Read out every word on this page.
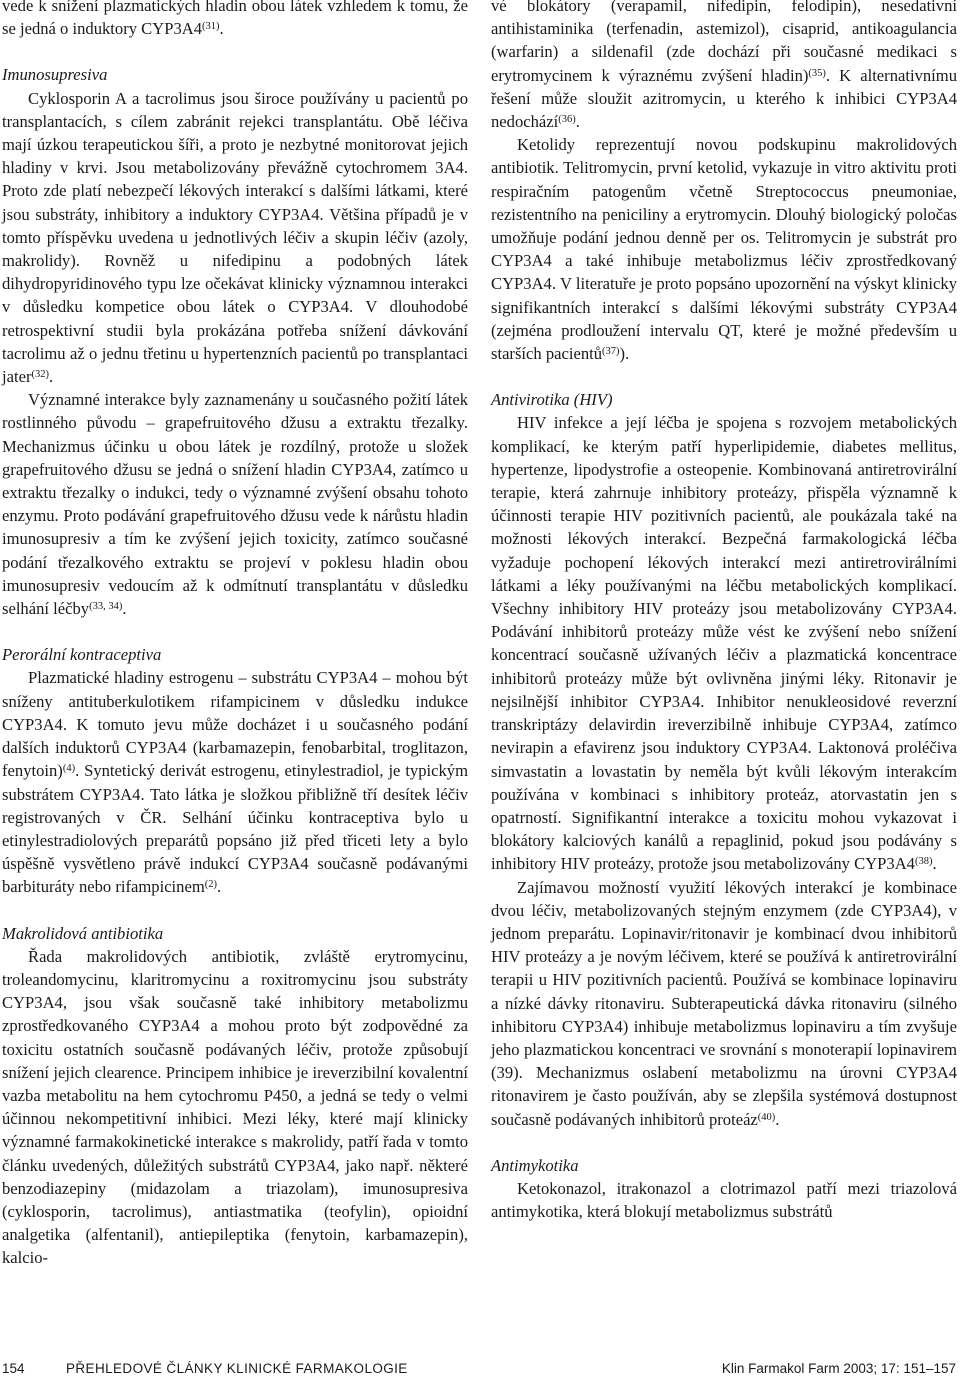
vede k snížení plazmatických hladin obou látek vzhledem k tomu, že se jedná o induktory CYP3A4$^{(31)}$.

Imunosupresiva

Cyklosporin A a tacrolimus jsou široce používány u pacientů po transplantacích, s cílem zabránit rejekci transplantátu. Obě léčiva mají úzkou terapeutickou šíři, a proto je nezbytné monitorovat jejich hladiny v krvi. Jsou metabolizovány převážně cytochromem 3A4. Proto zde platí nebezpečí lékových interakcí s dalšími látkami, které jsou substráty, inhibitory a induktory CYP3A4. Většina případů je v tomto příspěvku uvedena u jednotlivých léčiv a skupin léčiv (azoly, makrolidy). Rovněž u nifedipinu a podobných látek dihydropyridinového typu lze očekávat klinicky významnou interakci v důsledku kompetice obou látek o CYP3A4. V dlouhodobé retrospektivní studii byla prokázána potřeba snížení dávkování tacrolimu až o jednu třetinu u hypertenzních pacientů po transplantaci jater$^{(32)}$.

Významné interakce byly zaznamenány u současného požití látek rostlinného původu – grapefruitového džusu a extraktu třezalky. Mechanizmus účinku u obou látek je rozdílný, protože u složek grapefruitového džusu se jedná o snížení hladin CYP3A4, zatímco u extraktu třezalky o indukci, tedy o významné zvýšení obsahu tohoto enzymu. Proto podávání grapefruitového džusu vede k nárůstu hladin imunosupresiv a tím ke zvýšení jejich toxicity, zatímco současné podání třezalkového extraktu se projeví v poklesu hladin obou imunosupresiv vedoucím až k odmítnutí transplantátu v důsledku selhání léčby$^{(33, 34)}$.

Perorální kontraceptiva

Plazmatické hladiny estrogenu – substrátu CYP3A4 – mohou být sníženy antituberkulotikem rifampicinem v důsledku indukce CYP3A4. K tomuto jevu může docházet i u současného podání dalších induktorů CYP3A4 (karbamazepin, fenobarbital, troglitazon, fenytoin)$^{(4)}$. Syntetický derivát estrogenu, etinylestradiol, je typickým substrátem CYP3A4. Tato látka je složkou přibližně tří desítek léčiv registrovaných v ČR. Selhání účinku kontraceptiva bylo u etinylestradiolových preparátů popsáno již před třiceti lety a bylo úspěšně vysvětleno právě indukcí CYP3A4 současně podávanými barbituráty nebo rifampicinem$^{(2)}$.

Makrolidová antibiotika

Řada makrolidových antibiotik, zvláště erytromycinu, troleandomycinu, klaritromycinu a roxitromycinu jsou substráty CYP3A4, jsou však současně také inhibitory metabolizmu zprostředkovaného CYP3A4 a mohou proto být zodpovědné za toxicitu ostatních současně podávaných léčiv, protože způsobují snížení jejich clearence. Principem inhibice je ireverzibilní kovalentní vazba metabolitu na hem cytochromu P450, a jedná se tedy o velmi účinnou nekompetitivní inhibici. Mezi léky, které mají klinicky významné farmakokinetické interakce s makrolidy, patří řada v tomto článku uvedených, důležitých substrátů CYP3A4, jako např. některé benzodiazepiny (midazolam a triazolam), imunosupresiva (cyklosporin, tacrolimus), antiastmatika (teofylin), opioidní analgetika (alfentanil), antiepileptika (fenytoin, karbamazepin), kalcio-

vé blokátory (verapamil, nifedipin, felodipin), nesedativní antihistaminika (terfenadin, astemizol), cisaprid, antikoagulancia (warfarin) a sildenafil (zde dochází při současné medikaci s erytromycinem k výraznému zvýšení hladin)$^{(35)}$. K alternativnímu řešení může sloužit azitromycin, u kterého k inhibici CYP3A4 nedochází$^{(36)}$.

Ketolidy reprezentují novou podskupinu makrolidových antibiotik. Telitromycin, první ketolid, vykazuje in vitro aktivitu proti respiračním patogenům včetně Streptococcus pneumoniae, rezistentního na peniciliny a erytromycin. Dlouhý biologický poločas umožňuje podání jednou denně per os. Telitromycin je substrát pro CYP3A4 a také inhibuje metabolizmus léčiv zprostředkovaný CYP3A4. V literatuře je proto popsáno upozornění na výskyt klinicky signifikantních interakcí s dalšími lékovými substráty CYP3A4 (zejména prodloužení intervalu QT, které je možné především u starších pacientů$^{(37)}$).

Antivirotika (HIV)

HIV infekce a její léčba je spojena s rozvojem metabolických komplikací, ke kterým patří hyperlipidemie, diabetes mellitus, hypertenze, lipodystrofie a osteopenie. Kombinovaná antiretrovirální terapie, která zahrnuje inhibitory proteázy, přispěla významně k účinnosti terapie HIV pozitivních pacientů, ale poukázala také na možnosti lékových interakcí. Bezpečná farmakologická léčba vyžaduje pochopení lékových interakcí mezi antiretrovirálními látkami a léky používanými na léčbu metabolických komplikací. Všechny inhibitory HIV proteázy jsou metabolizovány CYP3A4. Podávání inhibitorů proteázy může vést ke zvýšení nebo snížení koncentrací současně užívaných léčiv a plazmatická koncentrace inhibitorů proteázy může být ovlivněna jinými léky. Ritonavir je nejsilnější inhibitor CYP3A4. Inhibitor nenukleosidové reverzní transkriptázy delavirdin ireverzibilně inhibuje CYP3A4, zatímco nevirapin a efavirenz jsou induktory CYP3A4. Laktonová proléčiva simvastatin a lovastatin by neměla být kvůli lékovým interakcím používána v kombinaci s inhibitory proteáz, atorvastatin jen s opatrností. Signifikantní interakce a toxicitu mohou vykazovat i blokátory kalciových kanálů a repaglinid, pokud jsou podávány s inhibitory HIV proteázy, protože jsou metabolizovány CYP3A4$^{(38)}$.

Zajímavou možností využití lékových interakcí je kombinace dvou léčiv, metabolizovaných stejným enzymem (zde CYP3A4), v jednom preparátu. Lopinavir/ritonavir je kombinací dvou inhibitorů HIV proteázy a je novým léčivem, které se používá k antiretrovirální terapii u HIV pozitivních pacientů. Používá se kombinace lopinaviru a nízké dávky ritonaviru. Subterapeutická dávka ritonaviru (silného inhibitoru CYP3A4) inhibuje metabolizmus lopinaviru a tím zvyšuje jeho plazmatickou koncentraci ve srovnání s monoterapií lopinavirem (39). Mechanizmus oslabení metabolizmu na úrovni CYP3A4 ritonavirem je často používán, aby se zlepšila systémová dostupnost současně podávaných inhibitorů proteáz$^{(40)}$.

Antimykotika

Ketokonazol, itrakonazol a clotrimazol patří mezi triazolová antimykotika, která blokují metabolizmus substrátů

154	PŘEHLEDOVÉ ČLÁNKY KLINICKÉ FARMAKOLOGIE	Klin Farmakol Farm 2003; 17: 151–157
